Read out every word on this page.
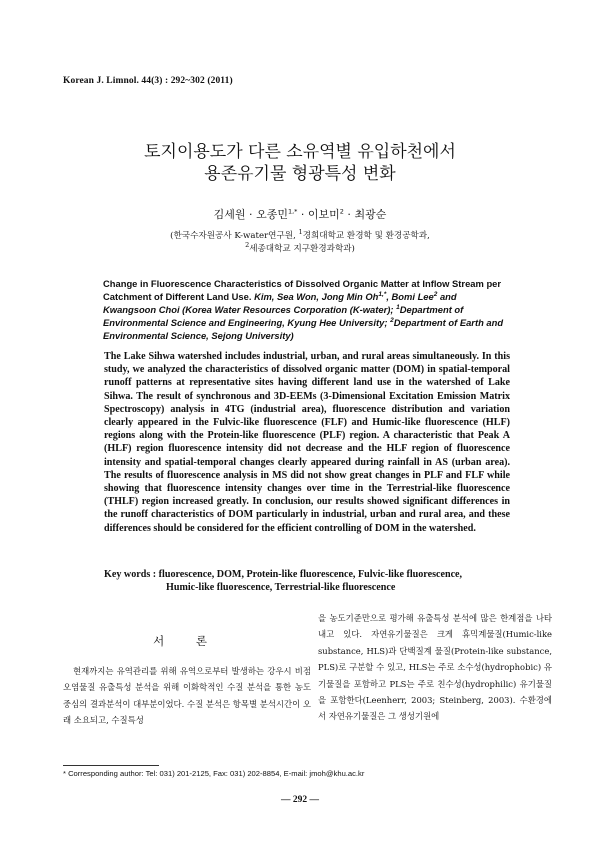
Korean J. Limnol. 44(3) : 292~302 (2011)
토지이용도가 다른 소유역별 유입하천에서
용존유기물 형광특성 변화
김세원 · 오종민$^{1,*}$ · 이보미$^2$ · 최광순
(한국수자원공사 K-water연구원, $^1$경희대학교 환경학 및 환경공학과,
$^2$세종대학교 지구환경과학과)
Change in Fluorescence Characteristics of Dissolved Organic Matter at Inflow Stream per Catchment of Different Land Use. Kim, Sea Won, Jong Min $Oh^{1,*}$, Bomi Lee$^2$ and Kwangsoon Choi (Korea Water Resources Corporation (K-water); $^1$Department of Environmental Science and Engineering, Kyung Hee University; $^2$Department of Earth and Environmental Science, Sejong University)
The Lake Sihwa watershed includes industrial, urban, and rural areas simultaneously. In this study, we analyzed the characteristics of dissolved organic matter (DOM) in spatial-temporal runoff patterns at representative sites having different land use in the watershed of Lake Sihwa. The result of synchronous and 3D-EEMs (3-Dimensional Excitation Emission Matrix Spectroscopy) analysis in 4TG (industrial area), fluorescence distribution and variation clearly appeared in the Fulvic-like fluorescence (FLF) and Humic-like fluorescence (HLF) regions along with the Protein-like fluorescence (PLF) region. A characteristic that Peak A (HLF) region fluorescence intensity did not decrease and the HLF region of fluorescence intensity and spatial-temporal changes clearly appeared during rainfall in AS (urban area). The results of fluorescence analysis in MS did not show great changes in PLF and FLF while showing that fluorescence intensity changes over time in the Terrestrial-like fluorescence (THLF) region increased greatly. In conclusion, our results showed significant differences in the runoff characteristics of DOM particularly in industrial, urban and rural area, and these differences should be considered for the efficient controlling of DOM in the watershed.
Key words : fluorescence, DOM, Protein-like fluorescence, Fulvic-like fluorescence,
Humic-like fluorescence, Terrestrial-like fluorescence
서 론
현재까지는 유역관리를 위해 유역으로부터 발생하는 강우시 비점오염물질 유출특성 분석을 위해 이화학적인 수질 분석을 통한 농도 중심의 결과분석이 대부분이었다. 수질 분석은 항목별 분석시간이 오래 소요되고, 수질특성
을 농도기준만으로 평가해 유출특성 분석에 많은 한계점을 나타내고 있다. 자연유기물질은 크게 휴믹계물질(Humic-like substance, HLS)과 단백질계 물질(Protein-like substance, PLS)로 구분할 수 있고, HLS는 주로 소수성(hydrophobic) 유기물질을 포함하고 PLS는 주로 친수성(hydrophilic) 유기물질을 포함한다(Leenherr, 2003; Steinberg, 2003). 수환경에서 자연유기물질은 그 생성기원에
* Corresponding author: Tel: 031) 201-2125, Fax: 031) 202-8854, E-mail: jmoh@khu.ac.kr
— 292 —
